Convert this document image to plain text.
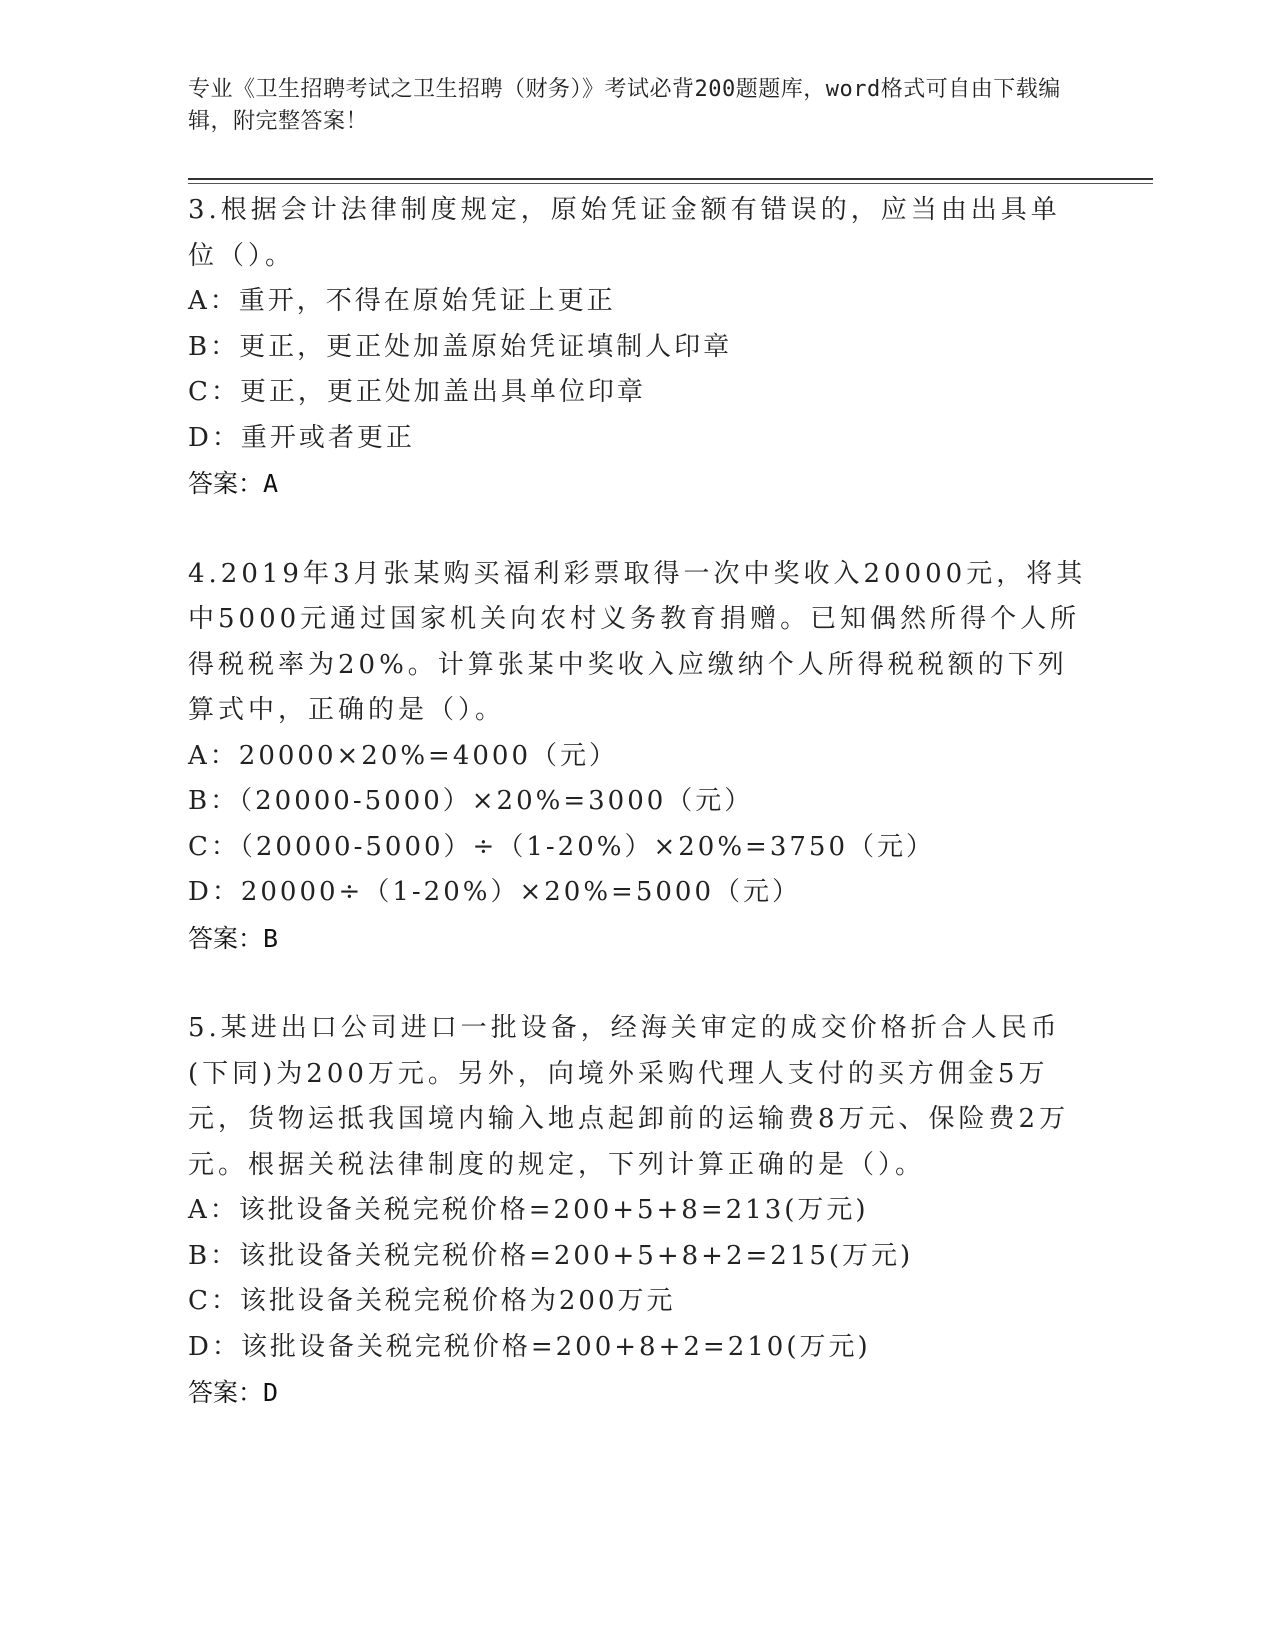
专业《卫生招聘考试之卫生招聘（财务）》考试必背200题题库，word格式可自由下载编辑，附完整答案！

3.根据会计法律制度规定，原始凭证金额有错误的，应当由出具单位（）。

A：重开，不得在原始凭证上更正
B：更正，更正处加盖原始凭证填制人印章
C：更正，更正处加盖出具单位印章
D：重开或者更正
答案：A

4.2019年3月张某购买福利彩票取得一次中奖收入20000元，将其中5000元通过国家机关向农村义务教育捐赠。已知偶然所得个人所得税税率为20%。计算张某中奖收入应缴纳个人所得税税额的下列算式中，正确的是（）。

A：20000×20%=4000（元）
B：（20000-5000）×20%=3000（元）
C：（20000-5000）÷（1-20%）×20%=3750（元）
D：20000÷（1-20%）×20%=5000（元）
答案：B

5.某进出口公司进口一批设备，经海关审定的成交价格折合人民币(下同)为200万元。另外，向境外采购代理人支付的买方佣金5万元，货物运抵我国境内输入地点起卸前的运输费8万元、保险费2万元。根据关税法律制度的规定，下列计算正确的是（）。

A：该批设备关税完税价格=200+5+8=213(万元)
B：该批设备关税完税价格=200+5+8+2=215(万元)
C：该批设备关税完税价格为200万元
D：该批设备关税完税价格=200+8+2=210(万元)
答案：D
